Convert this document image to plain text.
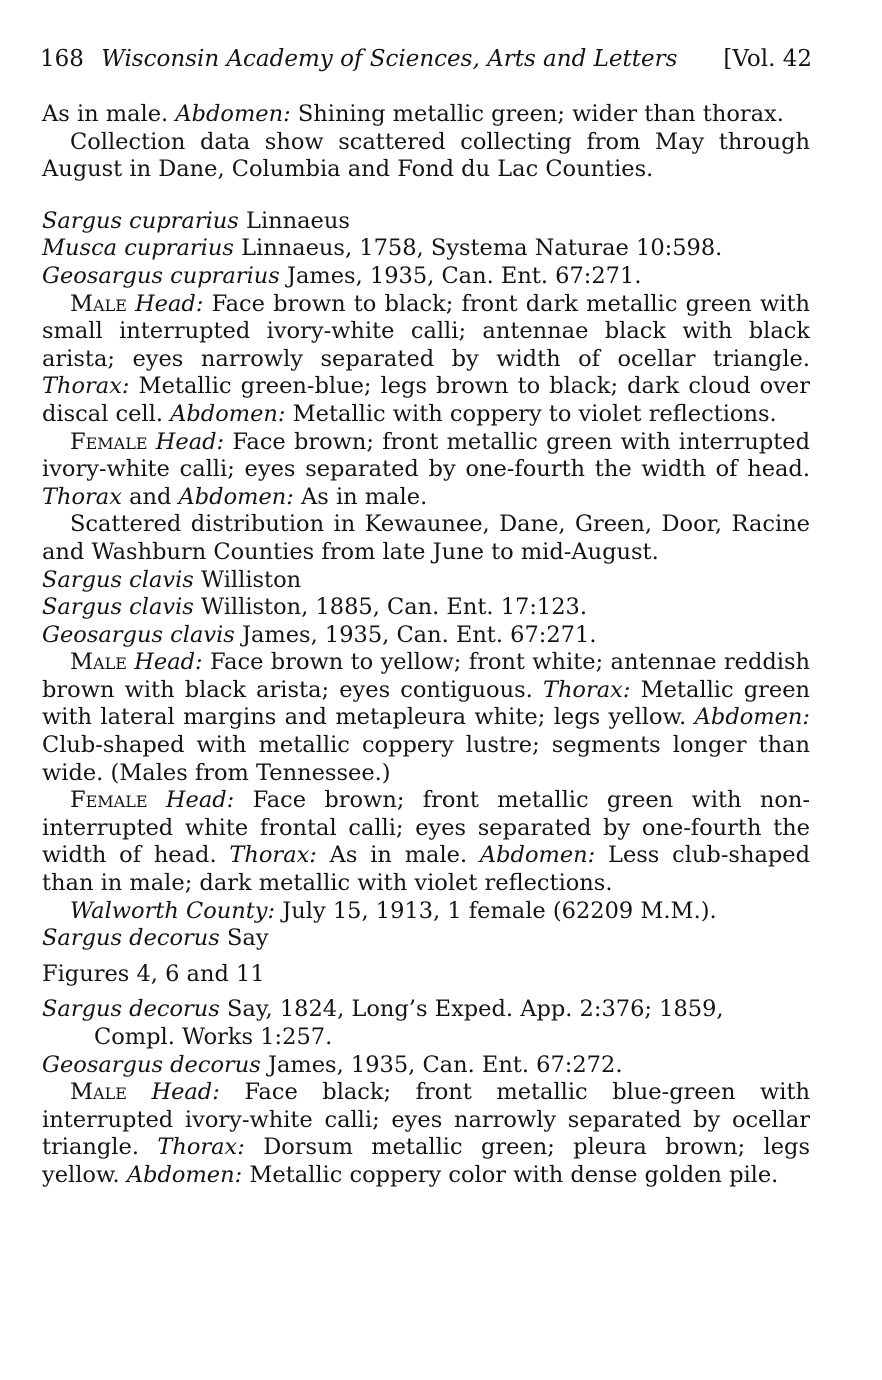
168 Wisconsin Academy of Sciences, Arts and Letters [Vol. 42

As in male. Abdomen: Shining metallic green; wider than thorax.

Collection data show scattered collecting from May through August in Dane, Columbia and Fond du Lac Counties.

Sargus cuprarius Linnaeus

Musca cuprarius Linnaeus, 1758, Systema Naturae 10:598.

Geosargus cuprarius James, 1935, Can. Ent. 67:271.

Male Head: Face brown to black; front dark metallic green with small interrupted ivory-white calli; antennae black with black arista; eyes narrowly separated by width of ocellar triangle. Thorax: Metallic green-blue; legs brown to black; dark cloud over discal cell. Abdomen: Metallic with coppery to violet reflections.

Female Head: Face brown; front metallic green with interrupted ivory-white calli; eyes separated by one-fourth the width of head. Thorax and Abdomen: As in male.

Scattered distribution in Kewaunee, Dane, Green, Door, Racine and Washburn Counties from late June to mid-August.

Sargus clavis Williston

Sargus clavis Williston, 1885, Can. Ent. 17:123.

Geosargus clavis James, 1935, Can. Ent. 67:271.

Male Head: Face brown to yellow; front white; antennae reddish brown with black arista; eyes contiguous. Thorax: Metallic green with lateral margins and metapleura white; legs yellow. Abdomen: Club-shaped with metallic coppery lustre; segments longer than wide. (Males from Tennessee.)

Female Head: Face brown; front metallic green with non-interrupted white frontal calli; eyes separated by one-fourth the width of head. Thorax: As in male. Abdomen: Less club-shaped than in male; dark metallic with violet reflections.

Walworth County: July 15, 1913, 1 female (62209 M.M.).

Sargus decorus Say

Figures 4, 6 and 11

Sargus decorus Say, 1824, Long’s Exped. App. 2:376; 1859, Compl. Works 1:257.

Geosargus decorus James, 1935, Can. Ent. 67:272.

Male Head: Face black; front metallic blue-green with interrupted ivory-white calli; eyes narrowly separated by ocellar triangle. Thorax: Dorsum metallic green; pleura brown; legs yellow. Abdomen: Metallic coppery color with dense golden pile.
